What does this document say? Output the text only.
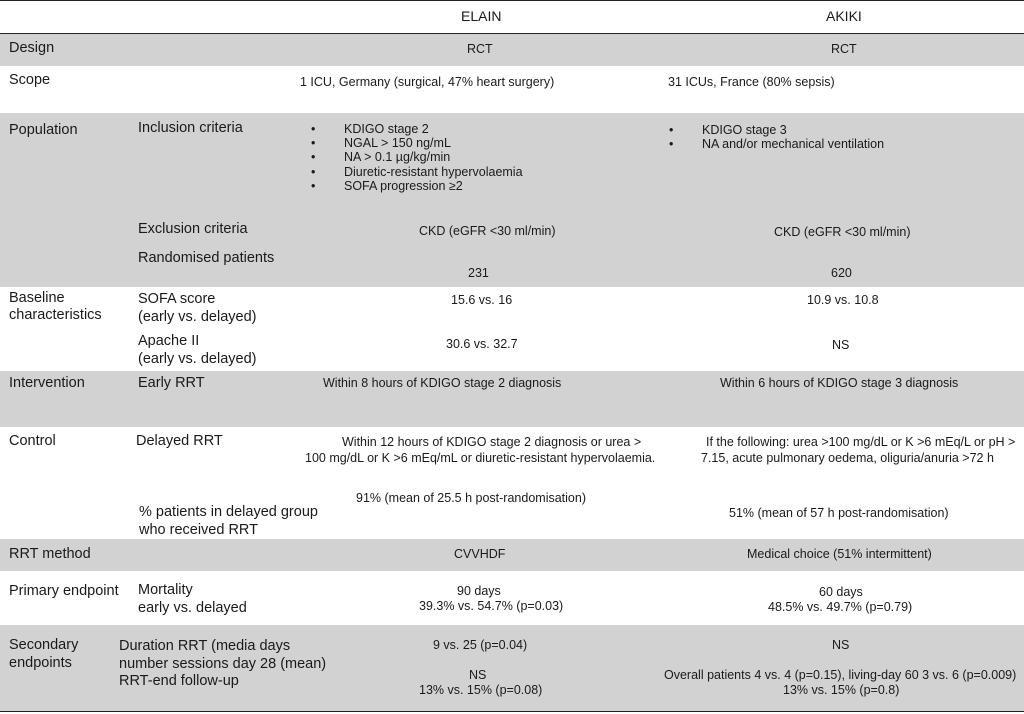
ELAIN	AKIKI
Design	RCT	RCT
Scope	1 ICU, Germany (surgical, 47% heart surgery)	31 ICUs, France (80% sepsis)
Population	Inclusion criteria
•	KDIGO stage 2
• NGAL > 150 ng/mL
• NA > 0.1 µg/kg/min
• Diuretic-resistant hypervolaemia
• SOFA progression ≥2
• KDIGO stage 3
• NA and/or mechanical ventilation
Exclusion criteria	CKD (eGFR <30 ml/min)	CKD (eGFR <30 ml/min)
Randomised patients
231	620
Baseline
characteristics
SOFA score
(early vs. delayed)
15.6 vs. 16	10.9 vs. 10.8
Apache II
(early vs. delayed)
30.6 vs. 32.7	NS
Intervention	Early RRT	Within 8 hours of KDIGO stage 2 diagnosis	Within 6 hours of KDIGO stage 3 diagnosis
Control	Delayed RRT	Within 12 hours of KDIGO stage 2 diagnosis or urea >
100 mg/dL or K >6 mEq/mL or diuretic-resistant hypervolaemia.
If the following: urea >100 mg/dL or K >6 mEq/L or pH >
7.15, acute pulmonary oedema, oliguria/anuria >72 h
91% (mean of 25.5 h post-randomisation)
% patients in delayed group
who received RRT
51% (mean of 57 h post-randomisation)
RRT method	CVVHDF	Medical choice (51% intermittent)
Primary endpoint Mortality
early vs. delayed
90 days
39.3% vs. 54.7% (p=0.03)
60 days
48.5% vs. 49.7% (p=0.79)
Secondary
endpoints
Duration RRT (media days
number sessions day 28 (mean)
RRT-end follow-up
9 vs. 25 (p=0.04)
NS
13% vs. 15% (p=0.08)
NS
Overall patients 4 vs. 4 (p=0.15), living-day 60 3 vs. 6 (p=0.009)
13% vs. 15% (p=0.8)
